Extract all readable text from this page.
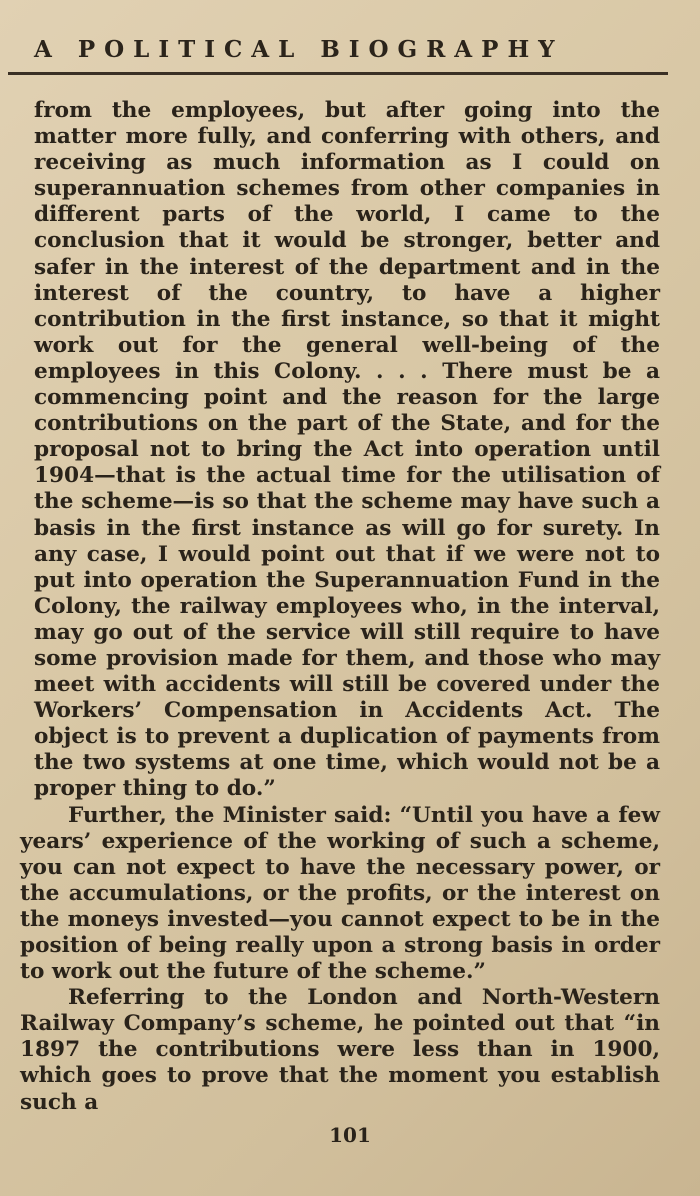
A POLITICAL BIOGRAPHY

from the employees, but after going into the matter more fully, and conferring with others, and receiving as much information as I could on superannuation schemes from other companies in different parts of the world, I came to the conclusion that it would be stronger, better and safer in the interest of the department and in the interest of the country, to have a higher contribution in the first instance, so that it might work out for the general well-being of the employees in this Colony. . . . There must be a commencing point and the reason for the large contributions on the part of the State, and for the proposal not to bring the Act into operation until 1904—that is the actual time for the utilisation of the scheme—is so that the scheme may have such a basis in the first instance as will go for surety. In any case, I would point out that if we were not to put into operation the Superannuation Fund in the Colony, the railway employees who, in the interval, may go out of the service will still require to have some provision made for them, and those who may meet with accidents will still be covered under the Workers’ Compensation in Accidents Act. The object is to prevent a duplication of payments from the two systems at one time, which would not be a proper thing to do.”

Further, the Minister said: “Until you have a few years’ experience of the working of such a scheme, you can not expect to have the necessary power, or the accumulations, or the profits, or the interest on the moneys invested—you cannot expect to be in the position of being really upon a strong basis in order to work out the future of the scheme.”

Referring to the London and North-Western Railway Company’s scheme, he pointed out that “in 1897 the contributions were less than in 1900, which goes to prove that the moment you establish such a

101
